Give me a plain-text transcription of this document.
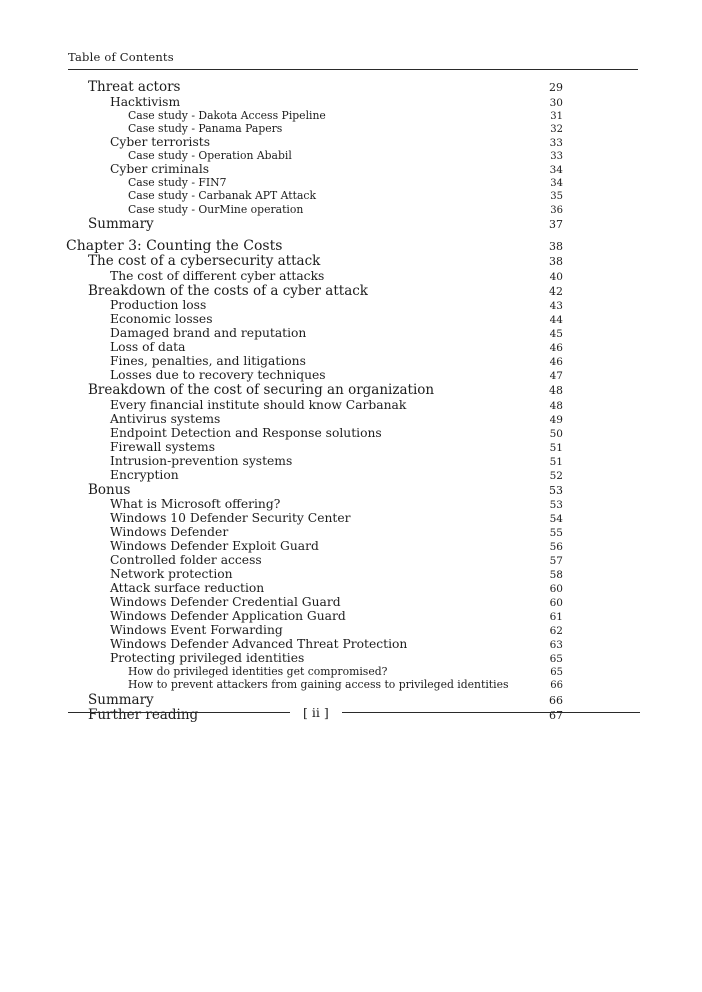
Table of Contents
Threat actors	29
Hacktivism	30
Case study - Dakota Access Pipeline	31
Case study - Panama Papers	32
Cyber terrorists	33
Case study - Operation Ababil	33
Cyber criminals	34
Case study - FIN7	34
Case study - Carbanak APT Attack	35
Case study - OurMine operation	36
Summary	37
Chapter 3: Counting the Costs	38
The cost of a cybersecurity attack	38
The cost of different cyber attacks	40
Breakdown of the costs of a cyber attack	42
Production loss	43
Economic losses	44
Damaged brand and reputation	45
Loss of data	46
Fines, penalties, and litigations	46
Losses due to recovery techniques	47
Breakdown of the cost of securing an organization	48
Every financial institute should know Carbanak	48
Antivirus systems	49
Endpoint Detection and Response solutions	50
Firewall systems	51
Intrusion-prevention systems	51
Encryption	52
Bonus	53
What is Microsoft offering?	53
Windows 10 Defender Security Center	54
Windows Defender	55
Windows Defender Exploit Guard	56
Controlled folder access	57
Network protection	58
Attack surface reduction	60
Windows Defender Credential Guard	60
Windows Defender Application Guard	61
Windows Event Forwarding	62
Windows Defender Advanced Threat Protection	63
Protecting privileged identities	65
How do privileged identities get compromised?	65
How to prevent attackers from gaining access to privileged identities	66
Summary	66
Further reading	67
[ ii ]
